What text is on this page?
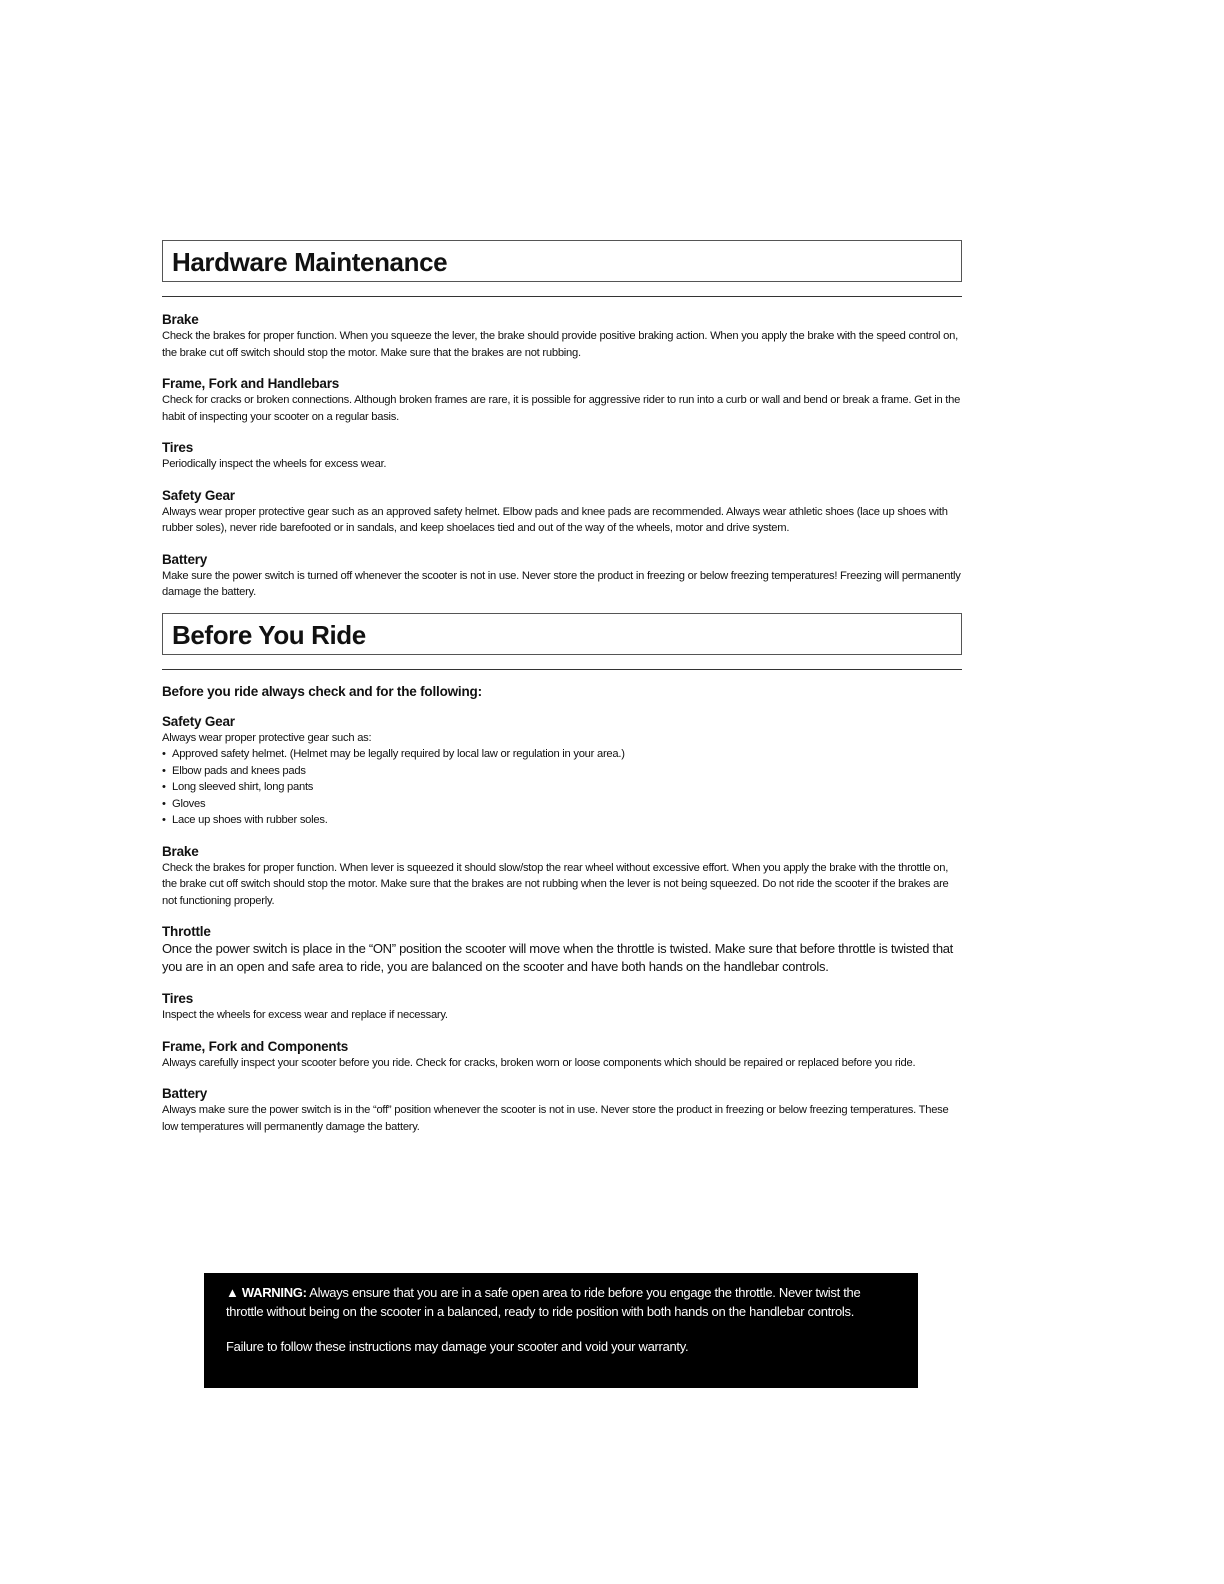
Hardware Maintenance
Brake

Check the brakes for proper function. When you squeeze the lever, the brake should provide positive braking action. When you apply the brake with the speed control on, the brake cut off switch should stop the motor. Make sure that the brakes are not rubbing.

Frame, Fork and Handlebars

Check for cracks or broken connections. Although broken frames are rare, it is possible for aggressive rider to run into a curb or wall and bend or break a frame. Get in the habit of inspecting your scooter on a regular basis.

Tires

Periodically inspect the wheels for excess wear.

Safety Gear

Always wear proper protective gear such as an approved safety helmet. Elbow pads and knee pads are recommended. Always wear athletic shoes (lace up shoes with rubber soles), never ride barefooted or in sandals, and keep shoelaces tied and out of the way of the wheels, motor and drive system.

Battery

Make sure the power switch is turned off whenever the scooter is not in use. Never store the product in freezing or below freezing temperatures! Freezing will permanently damage the battery.

Before You Ride

Before you ride always check and for the following:

Safety Gear

Always wear proper protective gear such as:

• Approved safety helmet. (Helmet may be legally required by local law or regulation in your area.)
• Elbow pads and knees pads
• Long sleeved shirt, long pants
• Gloves
• Lace up shoes with rubber soles.
Brake

Check the brakes for proper function. When lever is squeezed it should slow/stop the rear wheel without excessive effort. When you apply the brake with the throttle on, the brake cut off switch should stop the motor. Make sure that the brakes are not rubbing when the lever is not being squeezed. Do not ride the scooter if the brakes are not functioning properly.

Throttle

Once the power switch is place in the “ON” position the scooter will move when the throttle is twisted. Make sure that before throttle is twisted that you are in an open and safe area to ride, you are balanced on the scooter and have both hands on the handlebar controls.

Tires

Inspect the wheels for excess wear and replace if necessary.

Frame, Fork and Components

Always carefully inspect your scooter before you ride. Check for cracks, broken worn or loose components which should be repaired or replaced before you ride.

Battery

Always make sure the power switch is in the “off” position whenever the scooter is not in use. Never store the product in freezing or below freezing temperatures. These low temperatures will permanently damage the battery.

▲ WARNING: Always ensure that you are in a safe open area to ride before you engage the throttle. Never twist the throttle without being on the scooter in a balanced, ready to ride position with both hands on the handlebar controls.

Failure to follow these instructions may damage your scooter and void your warranty.
